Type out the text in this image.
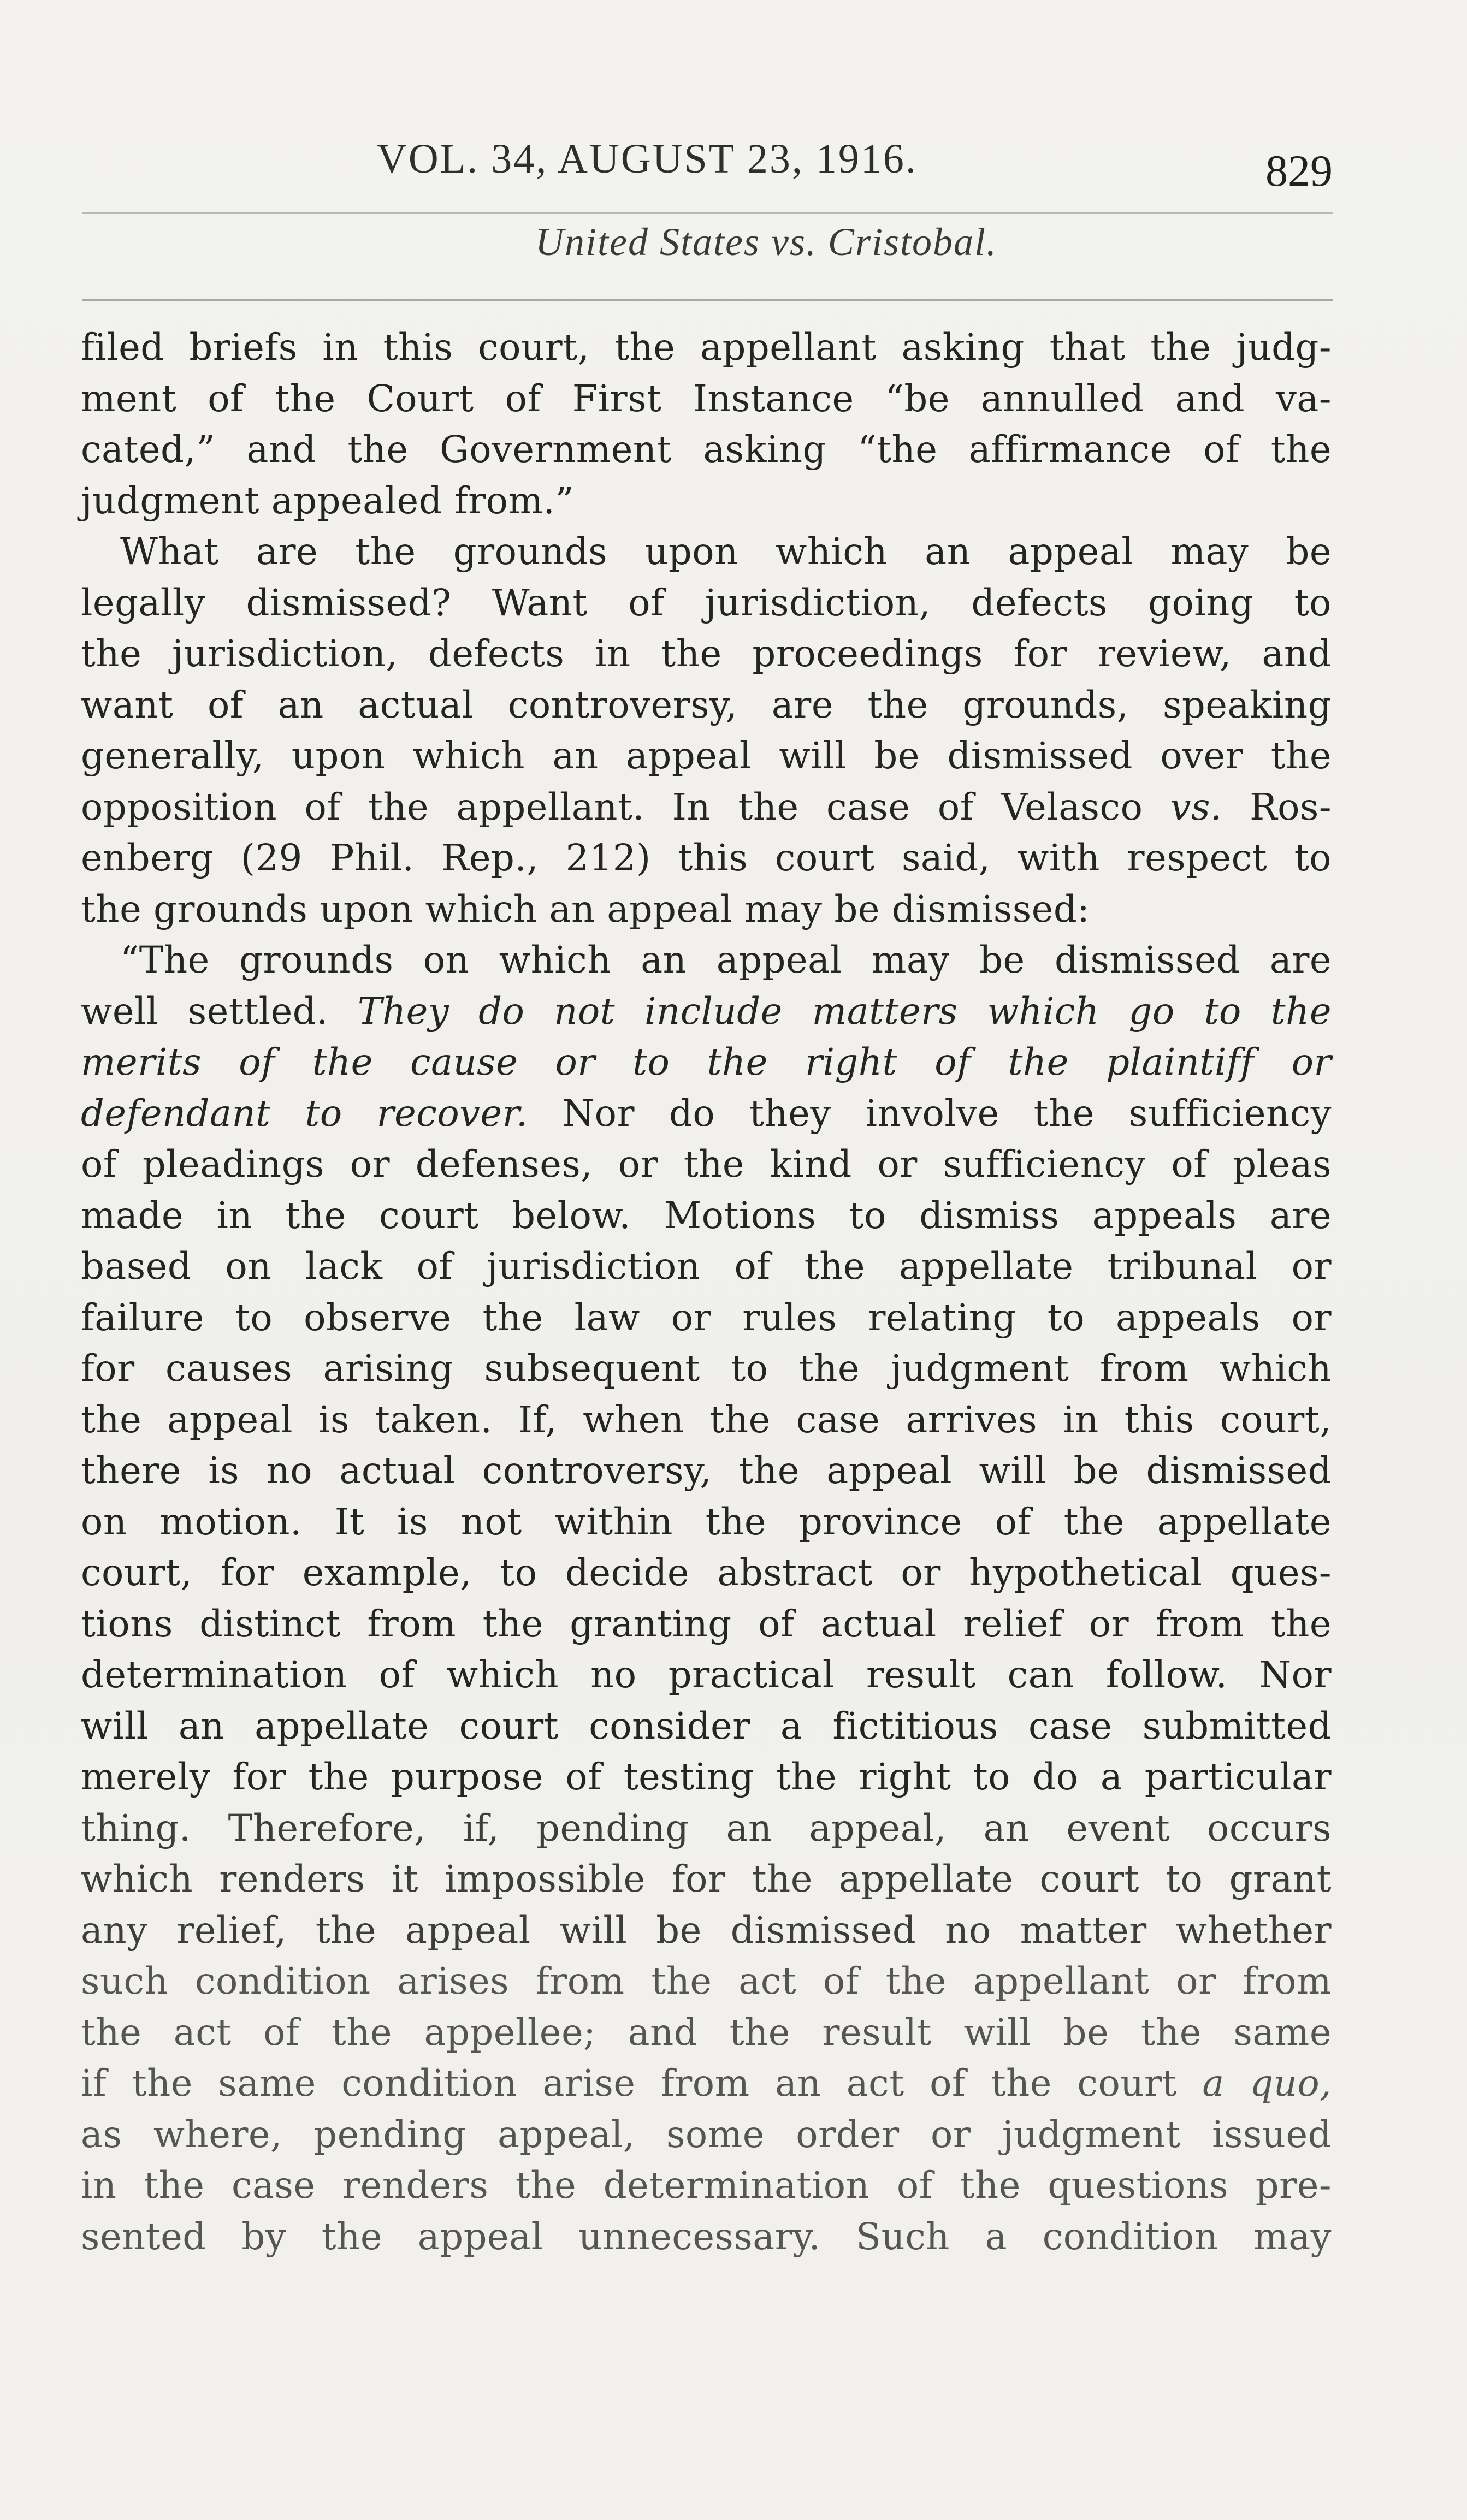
VOL. 34, AUGUST 23, 1916.	829
United States vs. Cristobal.
filed briefs in this court, the appellant asking that the judg-
ment of the Court of First Instance “be annulled and va-
cated,” and the Government asking “the affirmance of the
judgment appealed from.”
What are the grounds upon which an appeal may be
legally dismissed? Want of jurisdiction, defects going to
the jurisdiction, defects in the proceedings for review, and
want of an actual controversy, are the grounds, speaking
generally, upon which an appeal will be dismissed over the
opposition of the appellant. In the case of Velasco vs. Ros-
enberg (29 Phil. Rep., 212) this court said, with respect to
the grounds upon which an appeal may be dismissed:
“The grounds on which an appeal may be dismissed are
well settled. They do not include matters which go to the
merits of the cause or to the right of the plaintiff or
defendant to recover. Nor do they involve the sufficiency
of pleadings or defenses, or the kind or sufficiency of pleas
made in the court below. Motions to dismiss appeals are
based on lack of jurisdiction of the appellate tribunal or
failure to observe the law or rules relating to appeals or
for causes arising subsequent to the judgment from which
the appeal is taken. If, when the case arrives in this court,
there is no actual controversy, the appeal will be dismissed
on motion. It is not within the province of the appellate
court, for example, to decide abstract or hypothetical ques-
tions distinct from the granting of actual relief or from the
determination of which no practical result can follow. Nor
will an appellate court consider a fictitious case submitted
merely for the purpose of testing the right to do a particular
thing. Therefore, if, pending an appeal, an event occurs
which renders it impossible for the appellate court to grant
any relief, the appeal will be dismissed no matter whether
such condition arises from the act of the appellant or from
the act of the appellee; and the result will be the same
if the same condition arise from an act of the court a quo,
as where, pending appeal, some order or judgment issued
in the case renders the determination of the questions pre-
sented by the appeal unnecessary. Such a condition may
